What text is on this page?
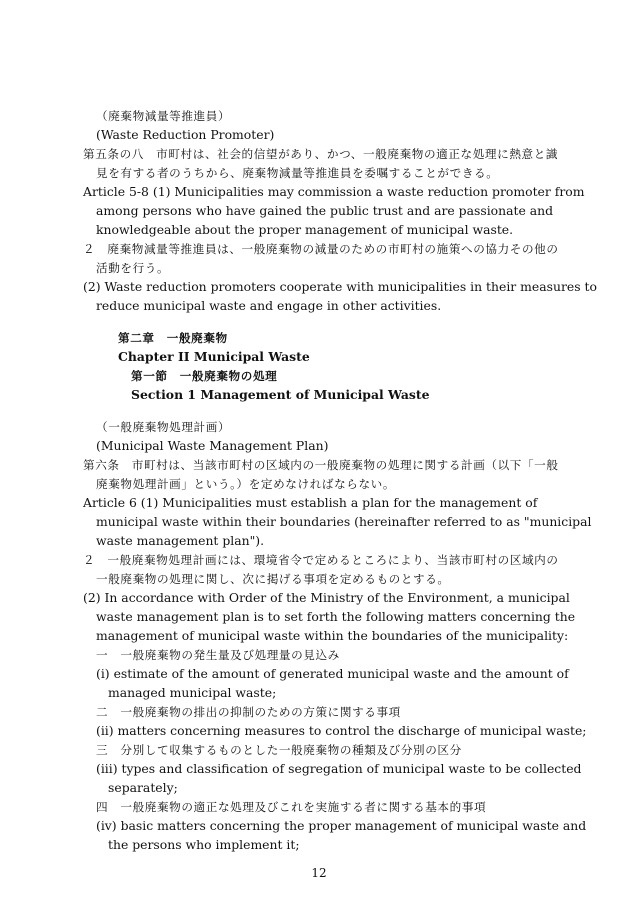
（廃棄物減量等推進員）
(Waste Reduction Promoter)
第五条の八　市町村は、社会的信望があり、かつ、一般廃棄物の適正な処理に熱意と識
見を有する者のうちから、廃棄物減量等推進員を委嘱することができる。
Article 5-8 (1) Municipalities may commission a waste reduction promoter from
among persons who have gained the public trust and are passionate and
knowledgeable about the proper management of municipal waste.
２　廃棄物減量等推進員は、一般廃棄物の減量のための市町村の施策への協力その他の
活動を行う。
(2) Waste reduction promoters cooperate with municipalities in their measures to
reduce municipal waste and engage in other activities.
第二章　一般廃棄物
Chapter II Municipal Waste
第一節　一般廃棄物の処理
Section 1 Management of Municipal Waste
（一般廃棄物処理計画）
(Municipal Waste Management Plan)
第六条　市町村は、当該市町村の区域内の一般廃棄物の処理に関する計画（以下「一般
廃棄物処理計画」という。）を定めなければならない。
Article 6 (1) Municipalities must establish a plan for the management of
municipal waste within their boundaries (hereinafter referred to as "municipal
waste management plan").
２　一般廃棄物処理計画には、環境省令で定めるところにより、当該市町村の区域内の
一般廃棄物の処理に関し、次に掲げる事項を定めるものとする。
(2) In accordance with Order of the Ministry of the Environment, a municipal
waste management plan is to set forth the following matters concerning the
management of municipal waste within the boundaries of the municipality:
一　一般廃棄物の発生量及び処理量の見込み
(i) estimate of the amount of generated municipal waste and the amount of
managed municipal waste;
二　一般廃棄物の排出の抑制のための方策に関する事項
(ii) matters concerning measures to control the discharge of municipal waste;
三　分別して収集するものとした一般廃棄物の種類及び分別の区分
(iii) types and classification of segregation of municipal waste to be collected
separately;
四　一般廃棄物の適正な処理及びこれを実施する者に関する基本的事項
(iv) basic matters concerning the proper management of municipal waste and
the persons who implement it;
12
